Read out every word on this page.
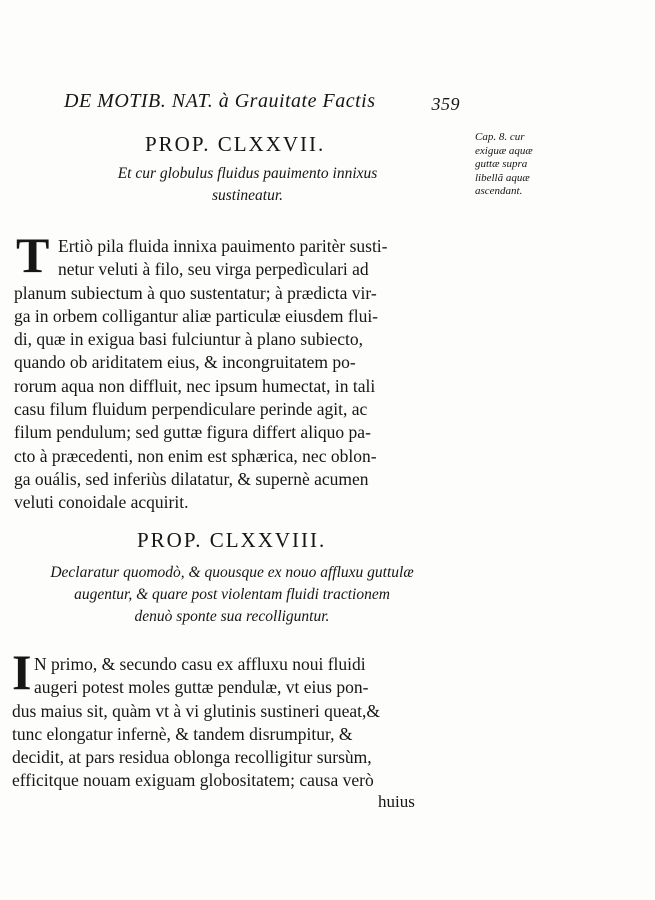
DE MOTIB. NAT. à Grauitate Factis	359
Cap. 8. cur
exiguæ aquæ
guttæ supra
libellã aquæ
ascendant.
PROP. CLXXVII.
Et cur globulus fluidus pauimento innixus
sustineatur.
T Ertiò pila fluida innixa pauimento paritèr susti-
netur veluti à filo, seu virga perpedìculari ad
planum subiectum à quo sustentatur; à prædicta vir-
ga in orbem colligantur aliæ particulæ eiusdem flui-
di, quæ in exigua basi fulciuntur à plano subiecto,
quando ob ariditatem eius, & incongruitatem po-
rorum aqua non diffluit, nec ipsum humectat, in tali
casu filum fluidum perpendiculare perinde agit, ac
filum pendulum; sed guttæ figura differt aliquo pa-
cto à præcedenti, non enim est sphærica, nec oblon-
ga ouális, sed inferiùs dilatatur, & supernè acumen
veluti conoidale acquirit.
PROP. CLXXVIII.
Declaratur quomodò, & quousque ex nouo affluxu guttulæ
augentur, & quare post violentam fluidi tractionem
denuò sponte sua recolliguntur.
I N primo, & secundo casu ex affluxu noui fluidi
augeri potest moles guttæ pendulæ, vt eius pon-
dus maius sit, quàm vt à vi glutinis sustineri queat,&
tunc elongatur infernè, & tandem disrumpitur, &
decidit, at pars residua oblonga recolligitur sursùm,
efficitque nouam exiguam globositatem; causa verò
huius
